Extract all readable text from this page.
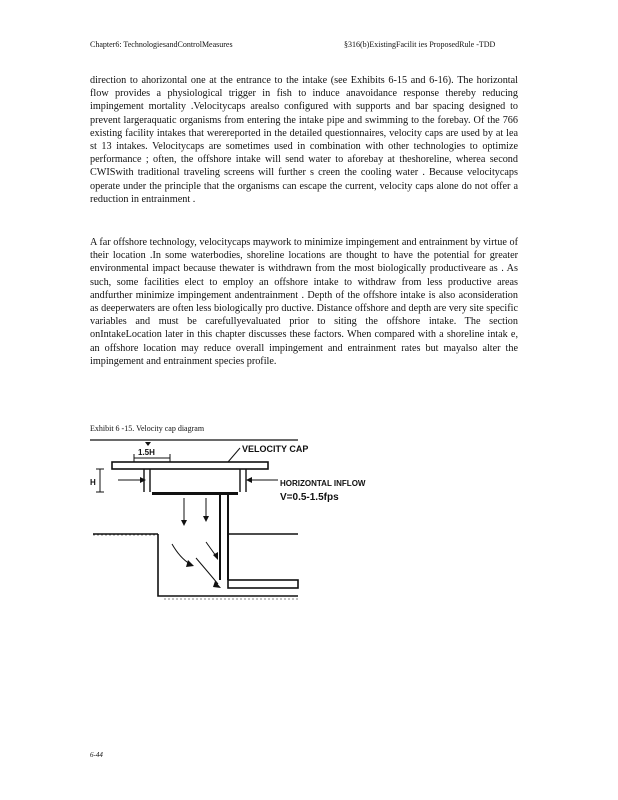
Chapter6: TechnologiesandControlMeasures	§316(b)ExistingFacilit ies ProposedRule -TDD

direction to ahorizontal one at the entrance to the intake (see Exhibits 6-15 and 6-16). The horizontal flow provides a physiological trigger in fish to induce anavoidance response thereby reducing impingement mortality .Velocitycaps arealso configured with supports and bar spacing designed to prevent largeraquatic organisms from entering the intake pipe and swimming to the forebay. Of the 766 existing facility intakes that werereported in the detailed questionnaires, velocity caps are used by at lea st 13 intakes. Velocitycaps are sometimes used in combination with other technologies to optimize performance ; often, the offshore intake will send water to aforebay at theshoreline, wherea second CWISwith traditional traveling screens will further s creen the cooling water . Because velocitycaps operate under the principle that the organisms can escape the current, velocity caps alone do not offer a reduction in entrainment .

A far offshore technology, velocitycaps maywork to minimize impingement and entrainment by virtue of their location .In some waterbodies, shoreline locations are thought to have the potential for greater environmental impact because thewater is withdrawn from the most biologically productiveare as . As such, some facilities elect to employ an offshore intake to withdraw from less productive areas andfurther minimize impingement andentrainment . Depth of the offshore intake is also aconsideration as deeperwaters are often less biologically pro ductive. Distance offshore and depth are very site specific variables and must be carefullyevaluated prior to siting the offshore intake. The section onIntakeLocation later in this chapter discusses these factors. When compared with a shoreline intak e, an offshore location may reduce overall impingement and entrainment rates but mayalso alter the impingement and entrainment species profile.

Exhibit 6 -15. Velocity cap diagram
1.5H
H
VELOCITY CAP
HORIZONTAL INFLOW
V=0.5-1.5fps
6-44
